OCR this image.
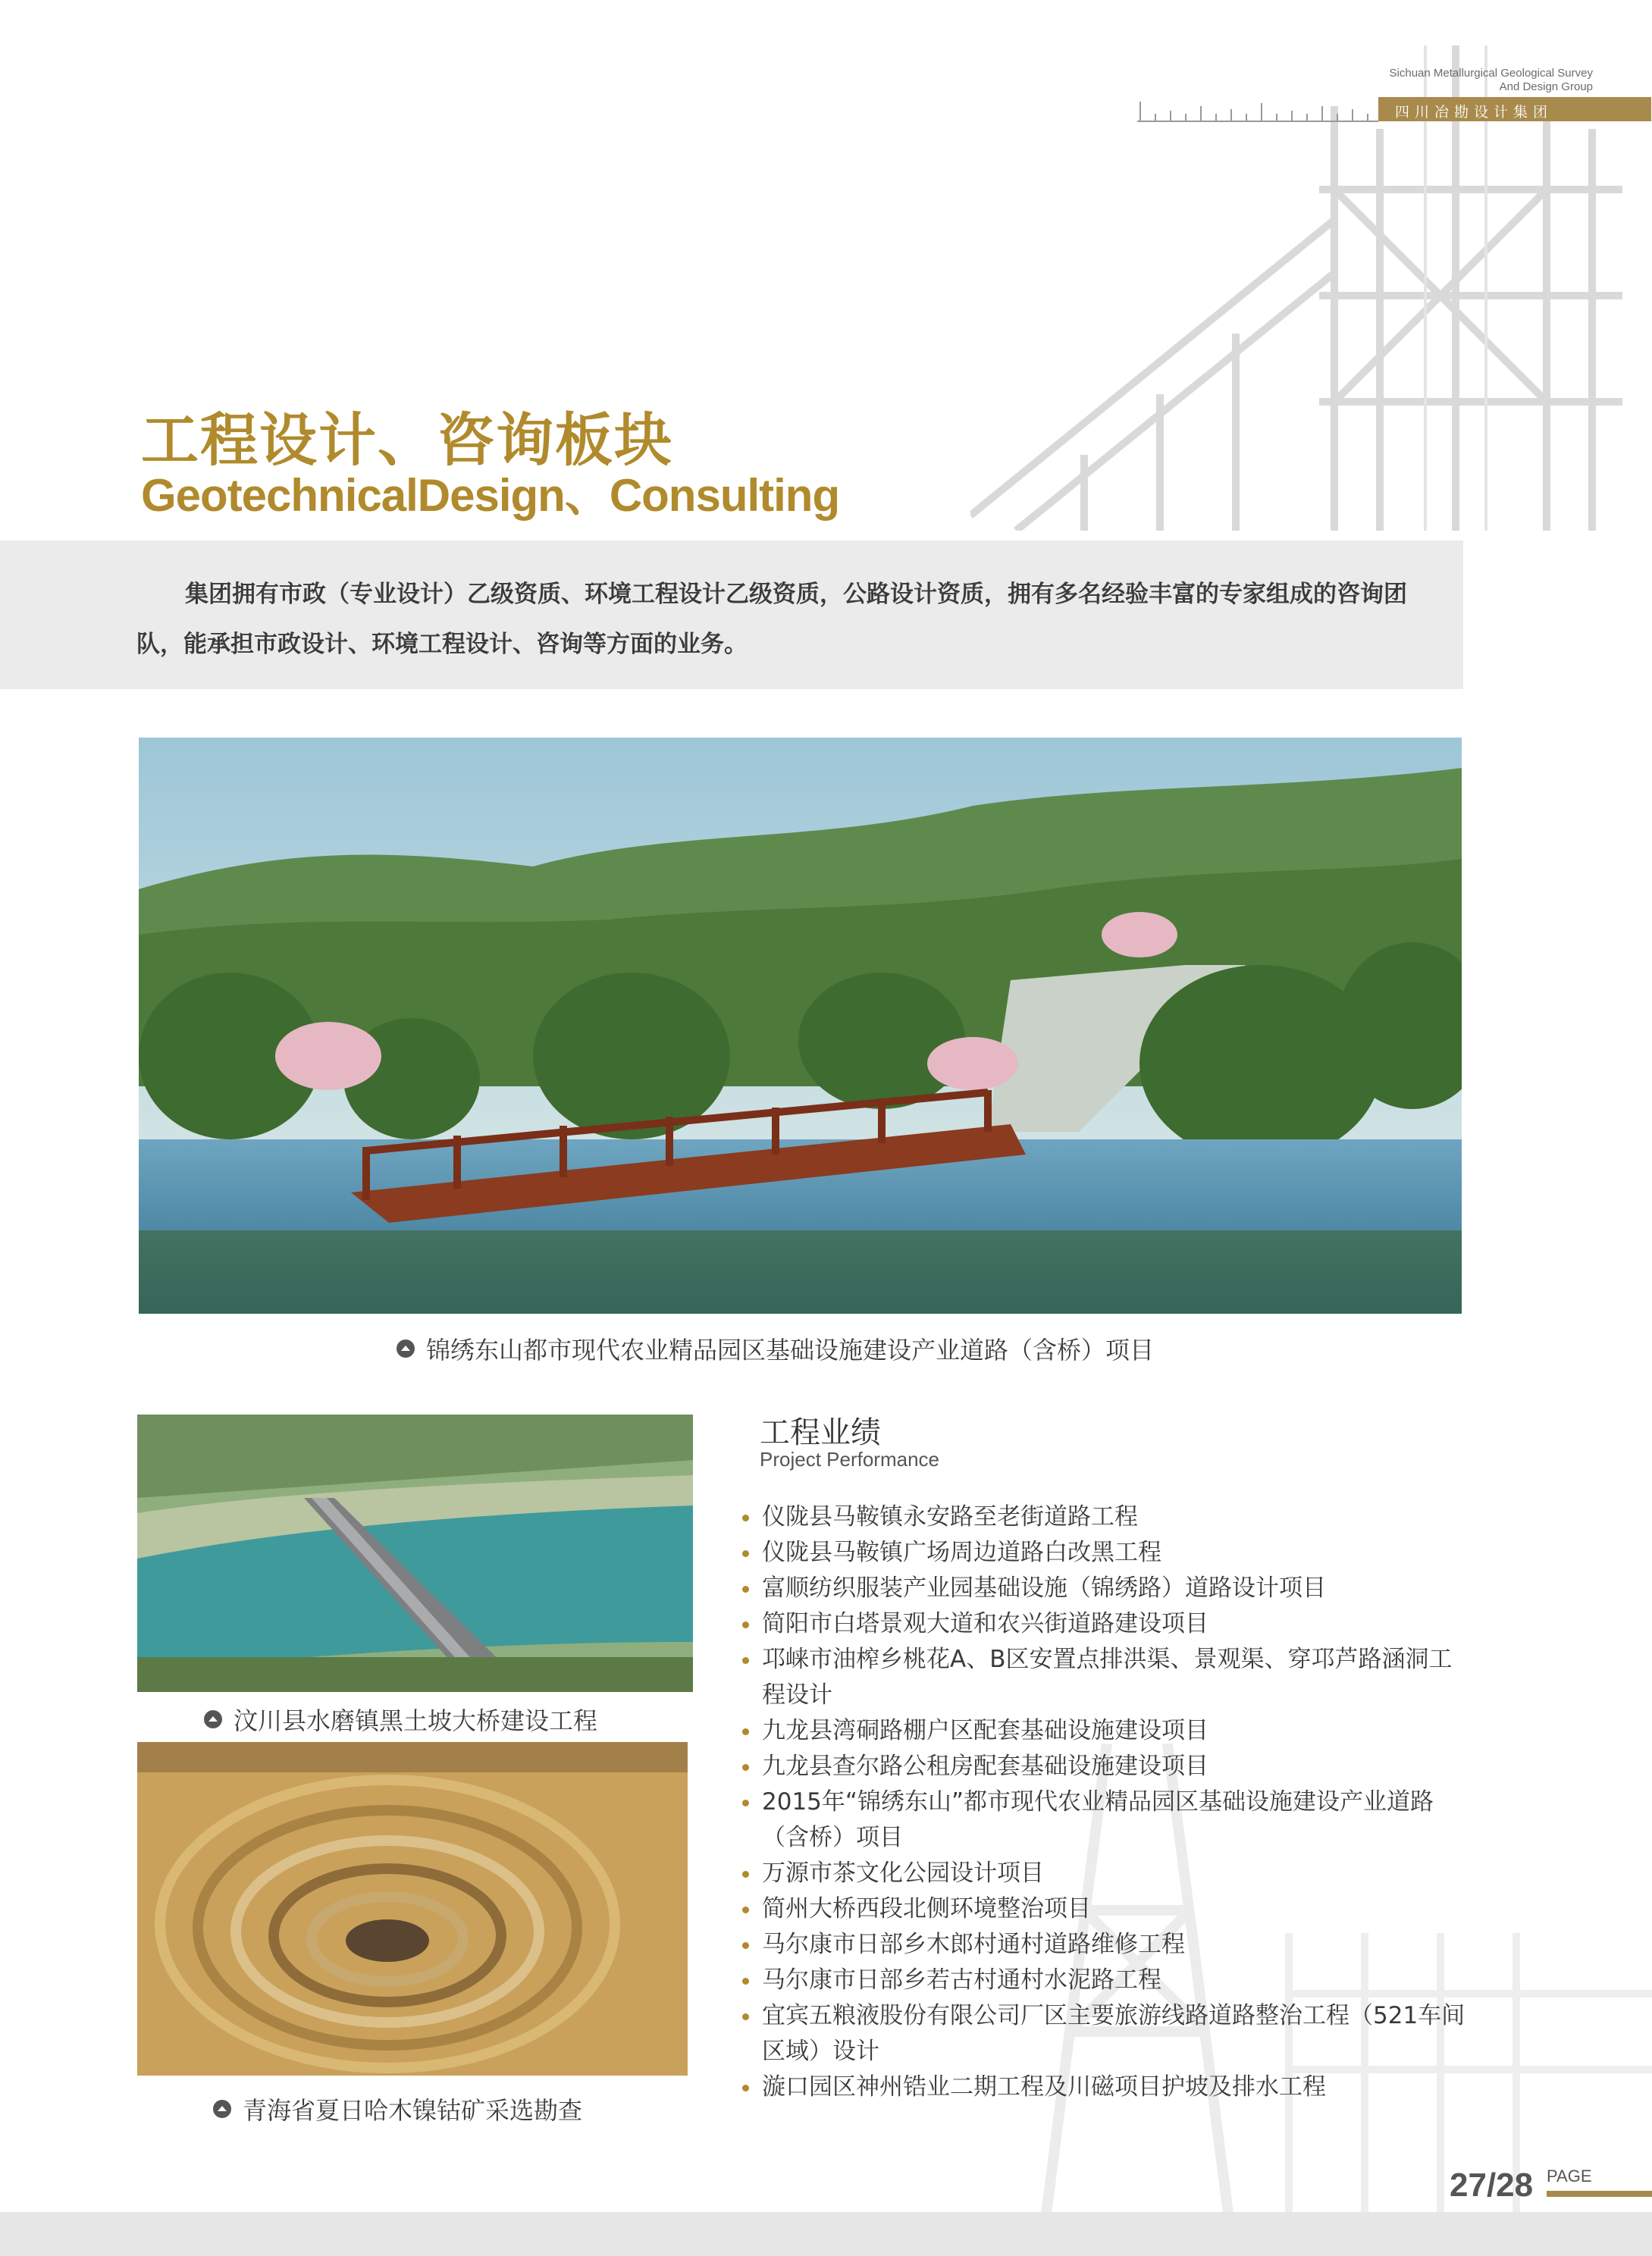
Sichuan Metallurgical Geological Survey
And Design Group
四川冶勘设计集团
工程设计、咨询板块
GeotechnicalDesign、Consulting
集团拥有市政（专业设计）乙级资质、环境工程设计乙级资质，公路设计资质，拥有多名经验丰富的专家组成的咨询团队，能承担市政设计、环境工程设计、咨询等方面的业务。
锦绣东山都市现代农业精品园区基础设施建设产业道路（含桥）项目
汶川县水磨镇黑土坡大桥建设工程
青海省夏日哈木镍钴矿采选勘查
工程业绩
Project Performance
仪陇县马鞍镇永安路至老街道路工程
仪陇县马鞍镇广场周边道路白改黑工程
富顺纺织服装产业园基础设施（锦绣路）道路设计项目
简阳市白塔景观大道和农兴街道路建设项目
邛崃市油榨乡桃花A、B区安置点排洪渠、景观渠、穿邛芦路涵洞工程设计
九龙县湾硐路棚户区配套基础设施建设项目
九龙县查尔路公租房配套基础设施建设项目
2015年“锦绣东山”都市现代农业精品园区基础设施建设产业道路（含桥）项目
万源市茶文化公园设计项目
简州大桥西段北侧环境整治项目
马尔康市日部乡木郎村通村道路维修工程
马尔康市日部乡若古村通村水泥路工程
宜宾五粮液股份有限公司厂区主要旅游线路道路整治工程（521车间区域）设计
漩口园区神州锆业二期工程及川磁项目护坡及排水工程
27/28 PAGE
